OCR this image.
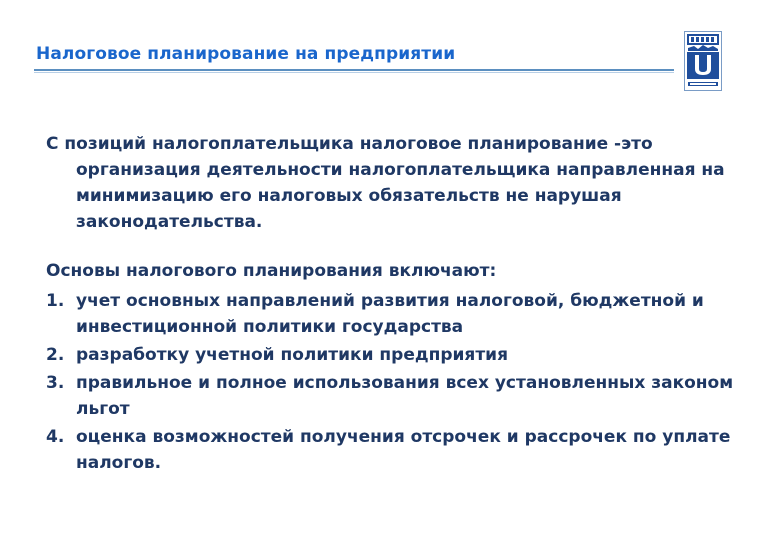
Налоговое планирование на предприятии

С позиций налогоплательщика налоговое планирование -это организация деятельности налогоплательщика направленная на минимизацию его налоговых обязательств не нарушая законодательства.

Основы налогового планирования включают:

1. учет основных направлений развития налоговой, бюджетной и инвестиционной политики государства
2. разработку учетной политики предприятия
3. правильное и полное использования всех установленных законом льгот
4. оценка возможностей получения отсрочек и рассрочек по уплате налогов.
